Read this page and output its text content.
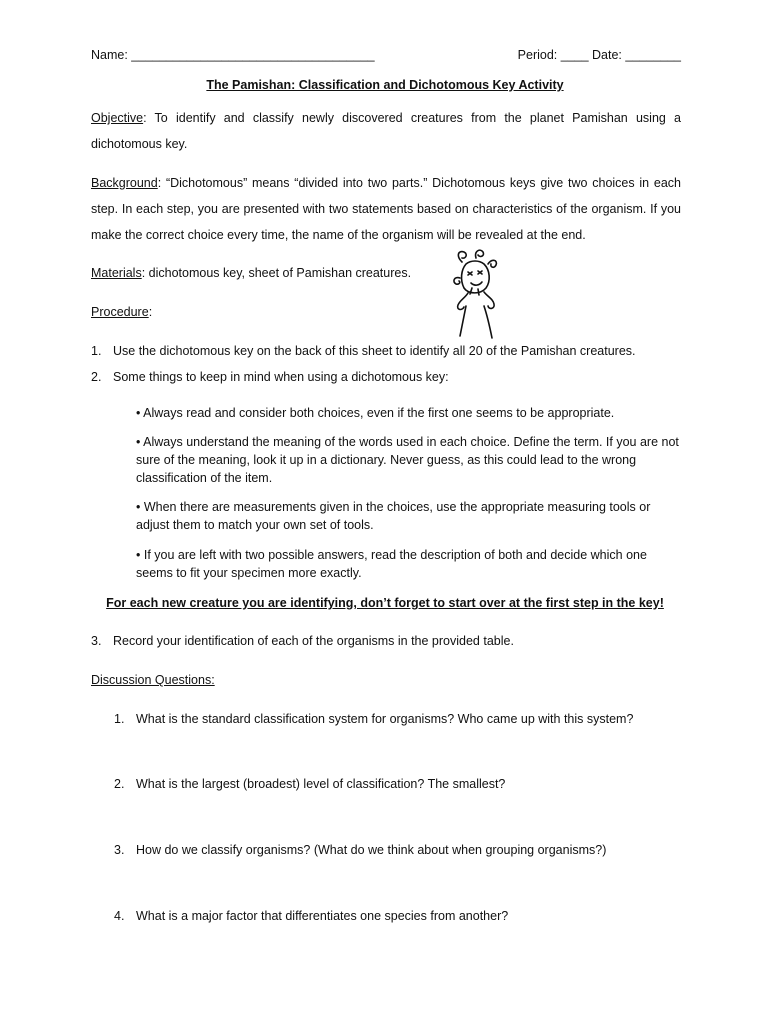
Name: ___________________________________	Period: ____ Date: ________
The Pamishan: Classification and Dichotomous Key Activity
Objective: To identify and classify newly discovered creatures from the planet Pamishan using a dichotomous key.
Background: “Dichotomous” means “divided into two parts.” Dichotomous keys give two choices in each step. In each step, you are presented with two statements based on characteristics of the organism. If you make the correct choice every time, the name of the organism will be revealed at the end.
Materials: dichotomous key, sheet of Pamishan creatures.
Procedure:
1. Use the dichotomous key on the back of this sheet to identify all 20 of the Pamishan creatures.
2. Some things to keep in mind when using a dichotomous key:
• Always read and consider both choices, even if the first one seems to be appropriate.
• Always understand the meaning of the words used in each choice. Define the term. If you are not sure of the meaning, look it up in a dictionary. Never guess, as this could lead to the wrong classification of the item.
• When there are measurements given in the choices, use the appropriate measuring tools or adjust them to match your own set of tools.
• If you are left with two possible answers, read the description of both and decide which one seems to fit your specimen more exactly.
For each new creature you are identifying, don’t forget to start over at the first step in the key!
3. Record your identification of each of the organisms in the provided table.
Discussion Questions:
1. What is the standard classification system for organisms? Who came up with this system?
2. What is the largest (broadest) level of classification? The smallest?
3. How do we classify organisms? (What do we think about when grouping organisms?)
4. What is a major factor that differentiates one species from another?
